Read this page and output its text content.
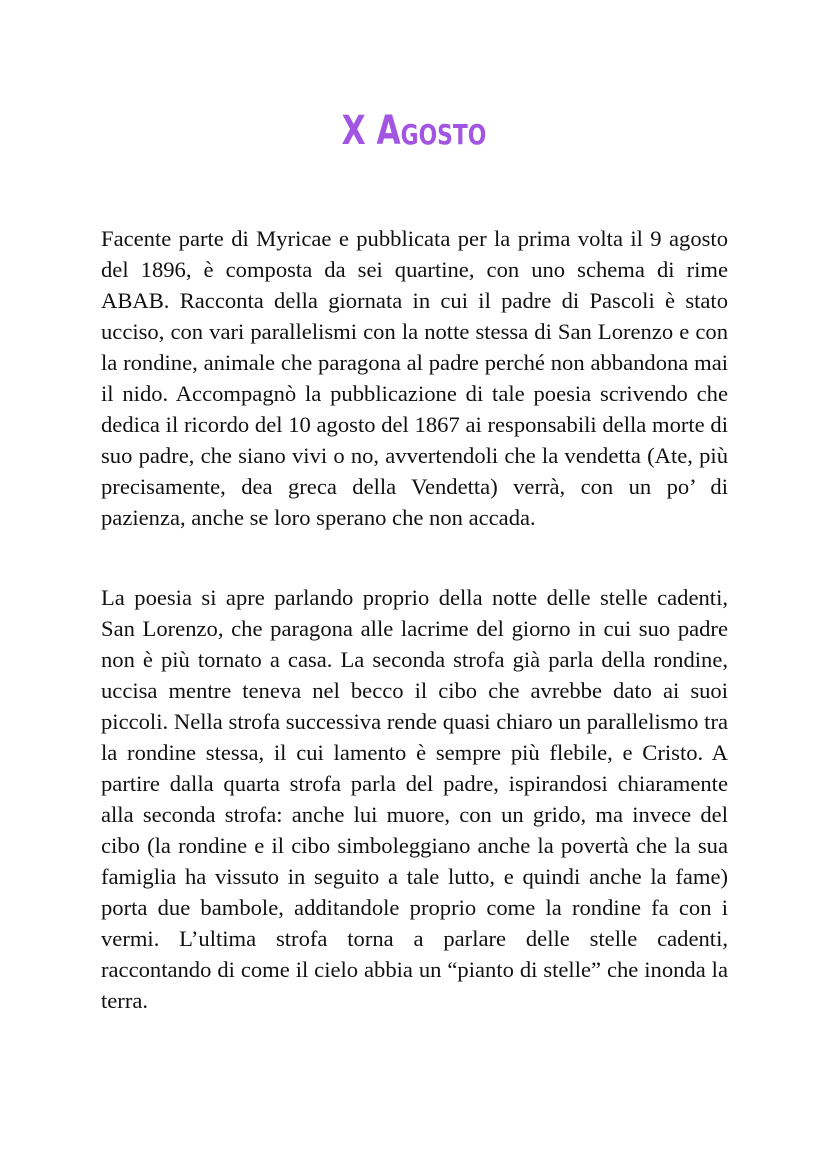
X Agosto

Facente parte di Myricae e pubblicata per la prima volta il 9 agosto del 1896, è composta da sei quartine, con uno schema di rime ABAB. Racconta della giornata in cui il padre di Pascoli è stato ucciso, con vari parallelismi con la notte stessa di San Lorenzo e con la rondine, animale che paragona al padre perché non abbandona mai il nido. Accompagnò la pubblicazione di tale poesia scrivendo che dedica il ricordo del 10 agosto del 1867 ai responsabili della morte di suo padre, che siano vivi o no, avvertendoli che la vendetta (Ate, più precisamente, dea greca della Vendetta) verrà, con un po’ di pazienza, anche se loro sperano che non accada.

La poesia si apre parlando proprio della notte delle stelle cadenti, San Lorenzo, che paragona alle lacrime del giorno in cui suo padre non è più tornato a casa. La seconda strofa già parla della rondine, uccisa mentre teneva nel becco il cibo che avrebbe dato ai suoi piccoli. Nella strofa successiva rende quasi chiaro un parallelismo tra la rondine stessa, il cui lamento è sempre più flebile, e Cristo. A partire dalla quarta strofa parla del padre, ispirandosi chiaramente alla seconda strofa: anche lui muore, con un grido, ma invece del cibo (la rondine e il cibo simboleggiano anche la povertà che la sua famiglia ha vissuto in seguito a tale lutto, e quindi anche la fame) porta due bambole, additandole proprio come la rondine fa con i vermi. L’ultima strofa torna a parlare delle stelle cadenti, raccontando di come il cielo abbia un “pianto di stelle” che inonda la terra.
